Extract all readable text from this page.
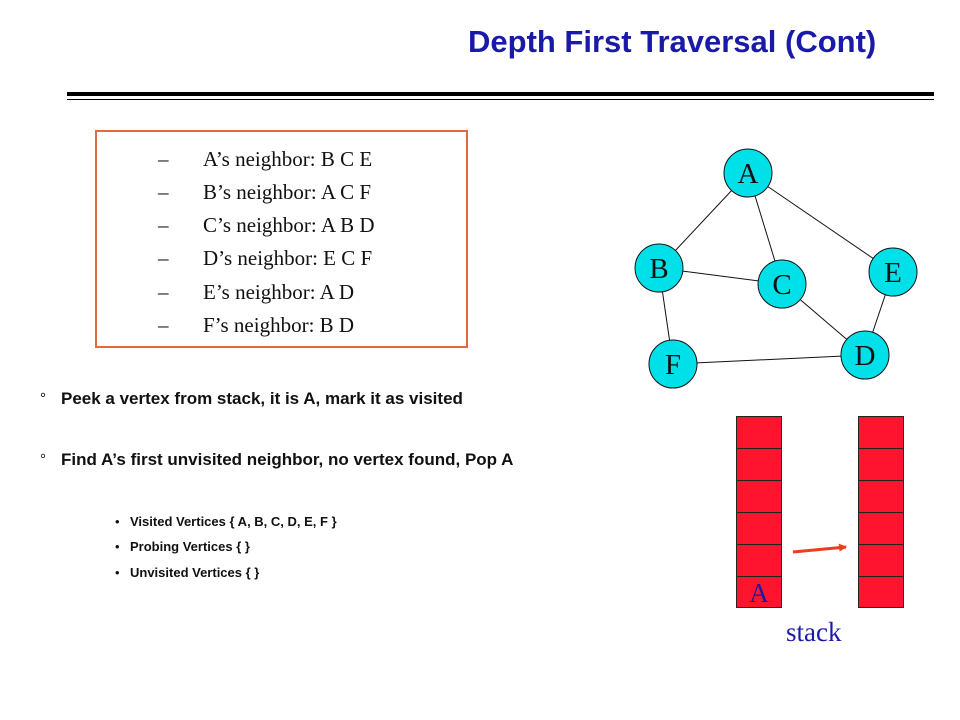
Depth First Traversal (Cont)
–	A’s neighbor: B C E
–	B’s neighbor: A C F
–	C’s neighbor: A B D
–	D’s neighbor: E C F
–	E’s neighbor: A D
–	F’s neighbor: B D
° Peek a vertex from stack, it is A, mark it as visited
° Find A’s first unvisited neighbor, no vertex found, Pop A
• Visited Vertices { A, B, C, D, E, F }
• Probing Vertices { }
• Unvisited Vertices { }
A
B	C
D
E
F
A
stack
